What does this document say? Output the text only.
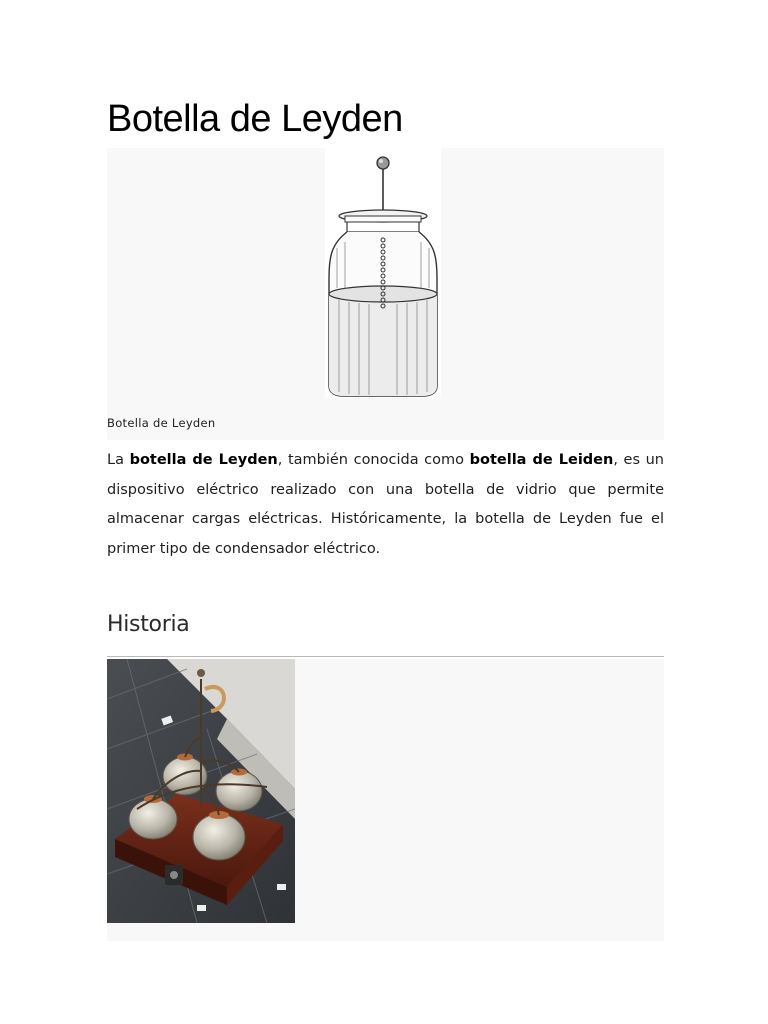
Botella de Leyden
Botella de Leyden

La botella de Leyden, también conocida como botella de Leiden, es un dispositivo eléctrico realizado con una botella de vidrio que permite almacenar cargas eléctricas. Históricamente, la botella de Leyden fue el primer tipo de condensador eléctrico.

Historia
